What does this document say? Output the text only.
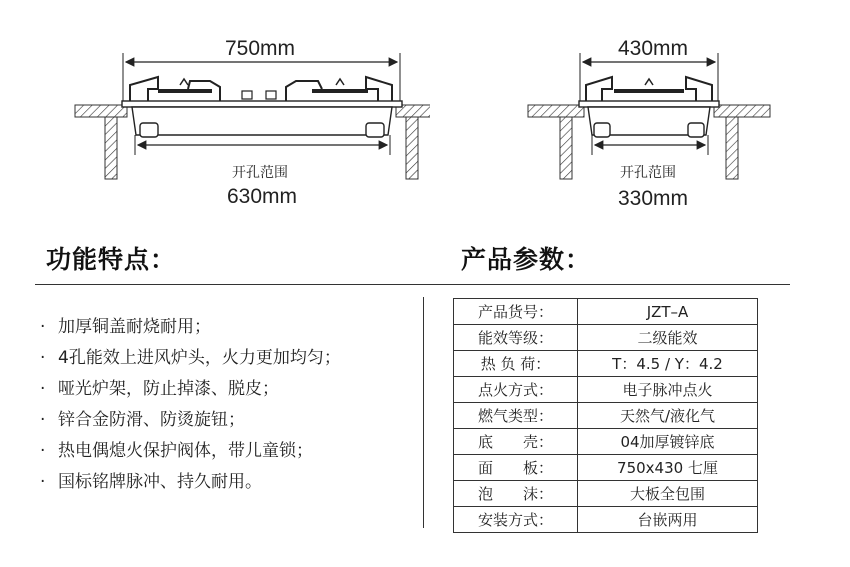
750mm
开孔范围
630mm
430mm
开孔范围
330mm
功能特点：	产品参数：
· 加厚铜盖耐烧耐用；
· 4孔能效上进风炉头，火力更加均匀；
· 哑光炉架，防止掉漆、脱皮；
· 锌合金防滑、防烫旋钮；
· 热电偶熄火保护阀体，带儿童锁；
· 国标铭牌脉冲、持久耐用。
产品货号：	JZT–A
能效等级：	二级能效
热 负 荷：	T：4.5 / Y：4.2
点火方式：	电子脉冲点火
燃气类型：	天然气/液化气
底　　壳：	04加厚镀锌底
面　　板：	750x430 七厘
泡　　沫：	大板全包围
安装方式：	台嵌两用
